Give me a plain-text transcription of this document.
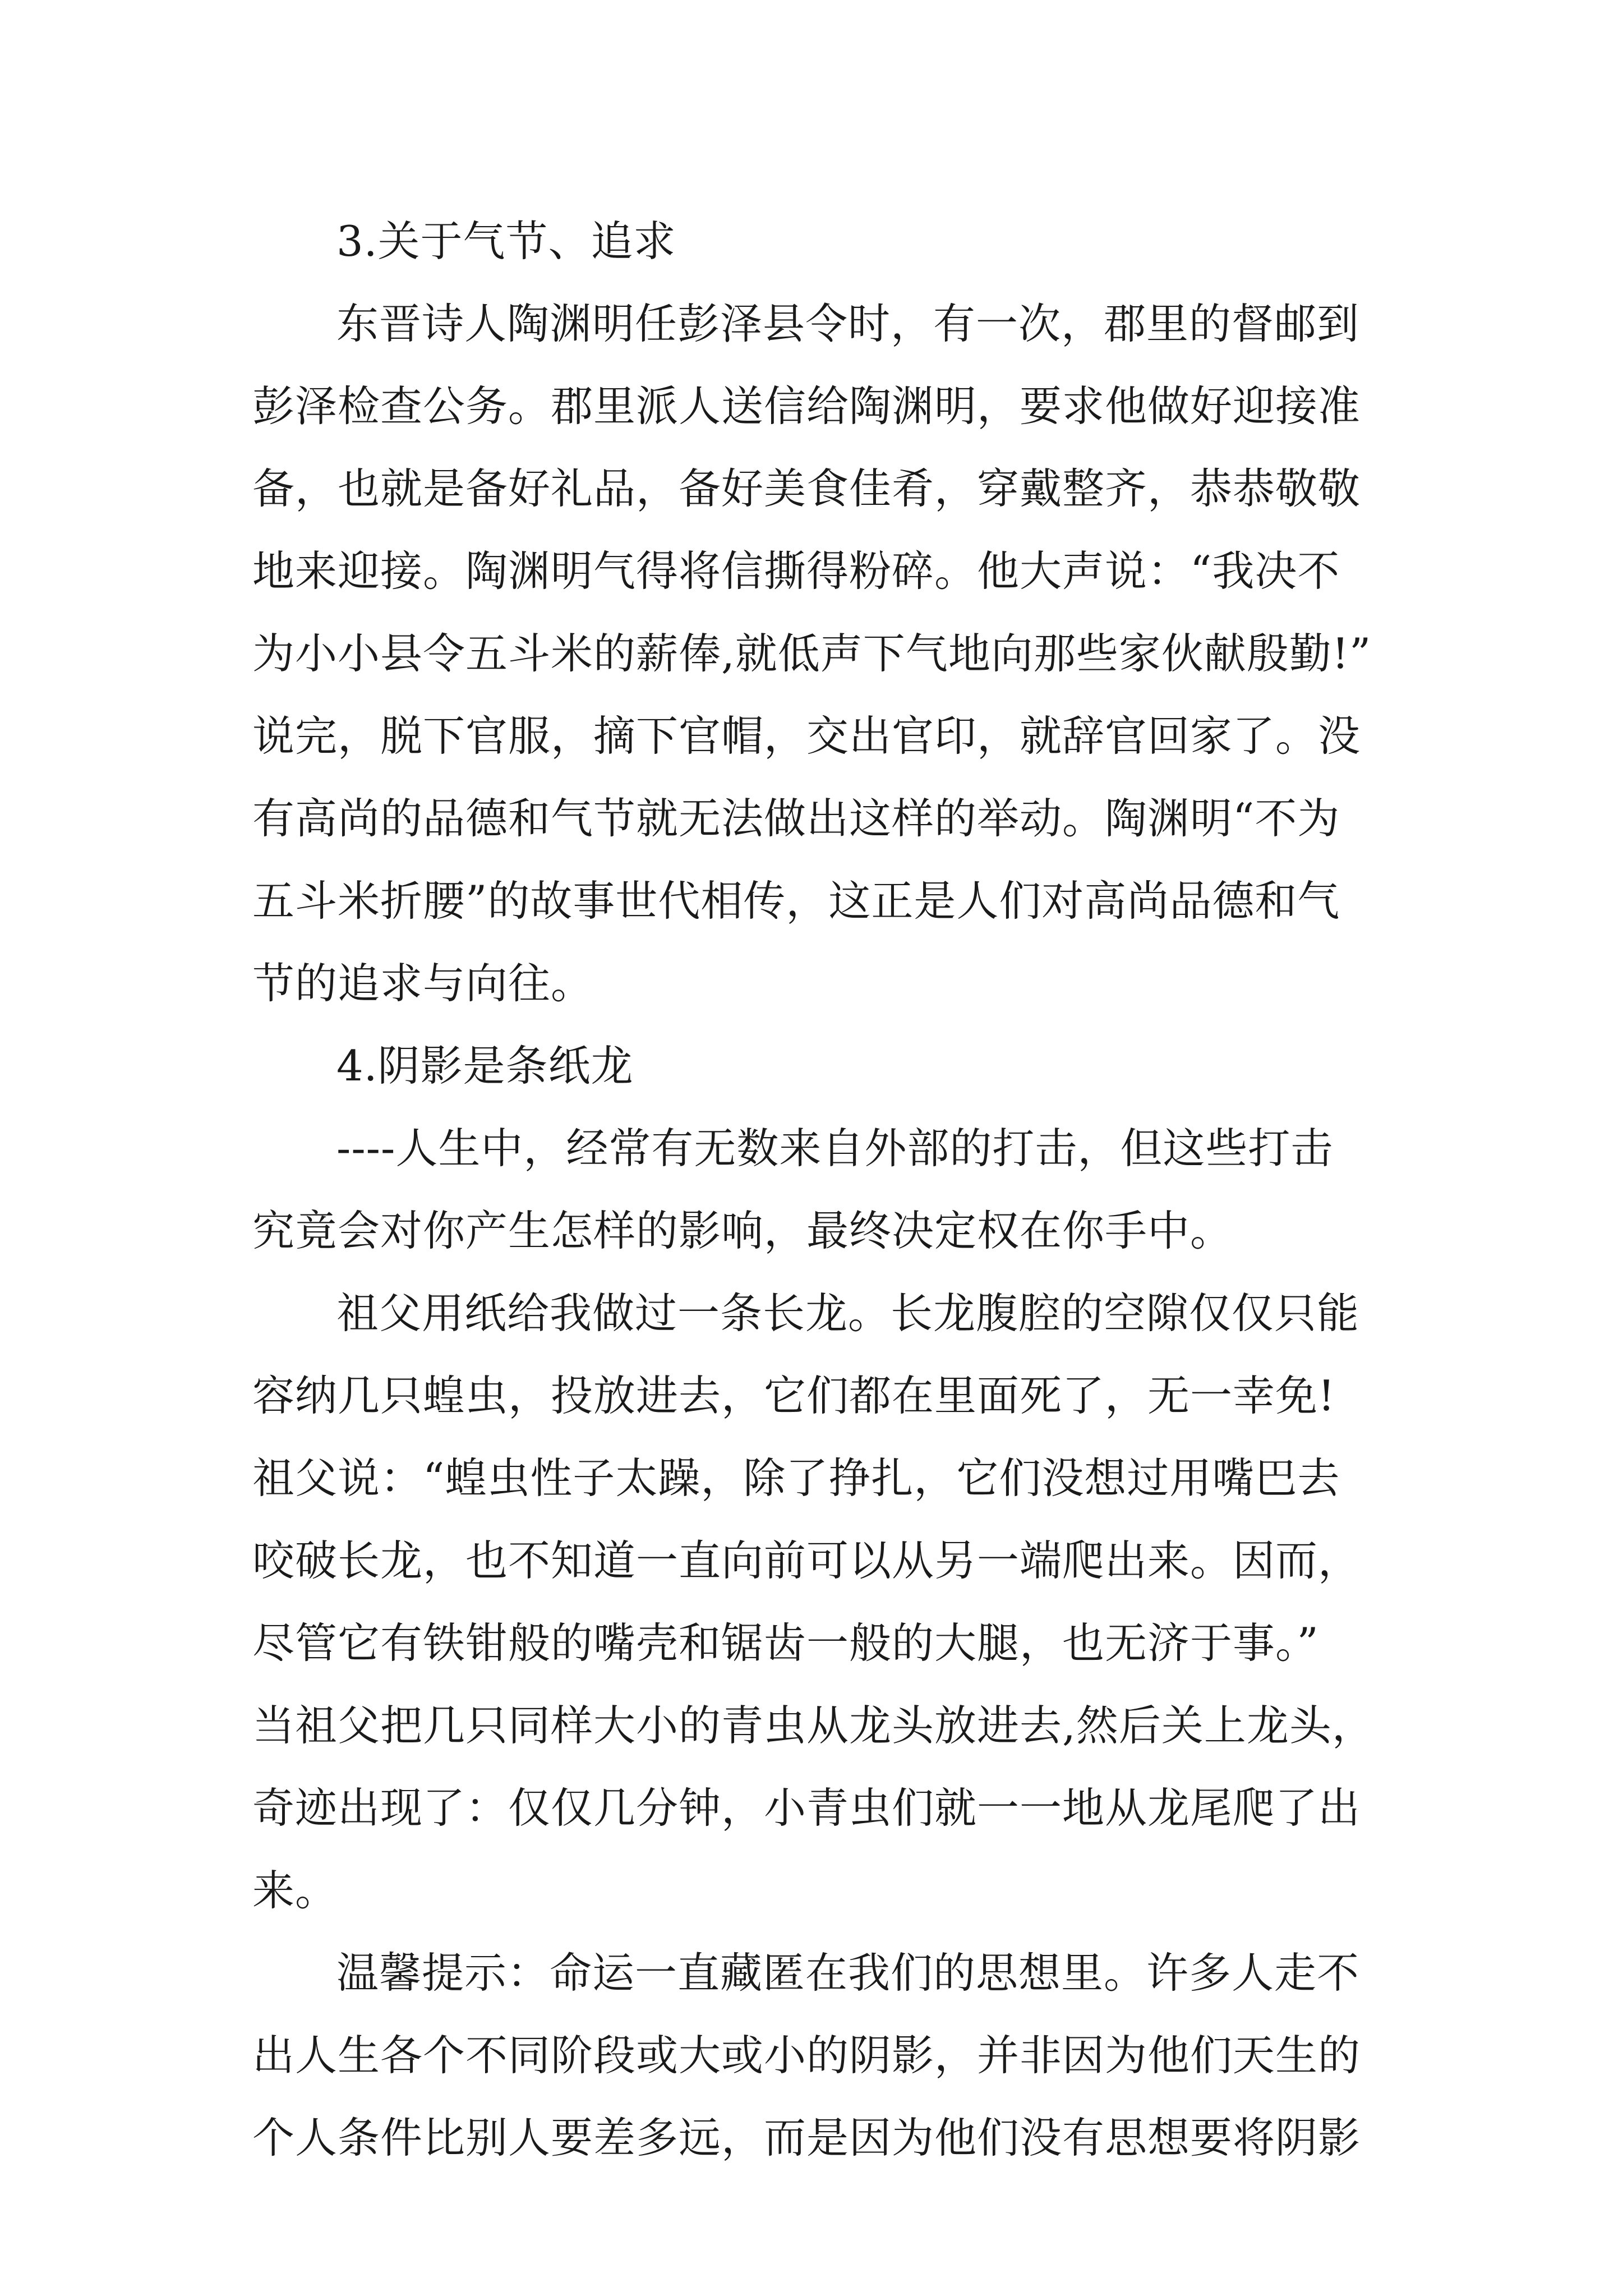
3.关于气节、追求

东晋诗人陶渊明任彭泽县令时，有一次，郡里的督邮到

彭泽检查公务。郡里派人送信给陶渊明，要求他做好迎接准

备，也就是备好礼品，备好美食佳肴，穿戴整齐，恭恭敬敬

地来迎接。陶渊明气得将信撕得粉碎。他大声说：“我决不

为小小县令五斗米的薪俸,就低声下气地向那些家伙献殷勤!”

说完，脱下官服，摘下官帽，交出官印，就辞官回家了。没

有高尚的品德和气节就无法做出这样的举动。陶渊明“不为

五斗米折腰”的故事世代相传，这正是人们对高尚品德和气

节的追求与向往。

4.阴影是条纸龙

----人生中，经常有无数来自外部的打击，但这些打击

究竟会对你产生怎样的影响，最终决定权在你手中。

祖父用纸给我做过一条长龙。长龙腹腔的空隙仅仅只能

容纳几只蝗虫，投放进去，它们都在里面死了，无一幸免!

祖父说：“蝗虫性子太躁，除了挣扎，它们没想过用嘴巴去

咬破长龙，也不知道一直向前可以从另一端爬出来。因而，

尽管它有铁钳般的嘴壳和锯齿一般的大腿，也无济于事。”

当祖父把几只同样大小的青虫从龙头放进去,然后关上龙头，

奇迹出现了：仅仅几分钟，小青虫们就一一地从龙尾爬了出

来。

温馨提示：命运一直藏匿在我们的思想里。许多人走不

出人生各个不同阶段或大或小的阴影，并非因为他们天生的

个人条件比别人要差多远，而是因为他们没有思想要将阴影
